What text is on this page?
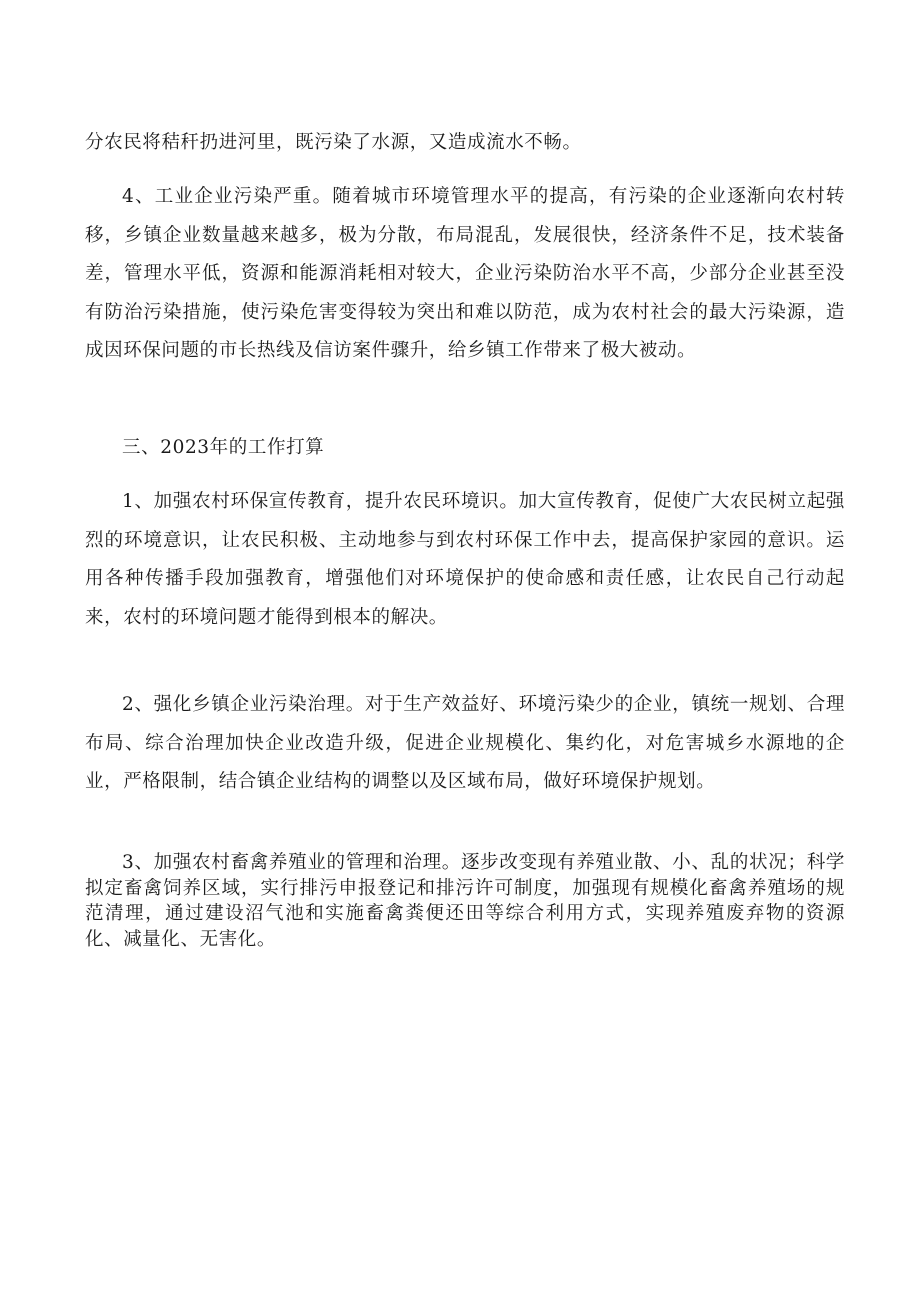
分农民将秸秆扔进河里，既污染了水源，又造成流水不畅。

4、工业企业污染严重。随着城市环境管理水平的提高，有污染的企业逐渐向农村转移，乡镇企业数量越来越多，极为分散，布局混乱，发展很快，经济条件不足，技术装备差，管理水平低，资源和能源消耗相对较大，企业污染防治水平不高，少部分企业甚至没有防治污染措施，使污染危害变得较为突出和难以防范，成为农村社会的最大污染源，造成因环保问题的市长热线及信访案件骤升，给乡镇工作带来了极大被动。

三、2023年的工作打算

1、加强农村环保宣传教育，提升农民环境识。加大宣传教育，促使广大农民树立起强烈的环境意识，让农民积极、主动地参与到农村环保工作中去，提高保护家园的意识。运用各种传播手段加强教育，增强他们对环境保护的使命感和责任感，让农民自己行动起来，农村的环境问题才能得到根本的解决。

2、强化乡镇企业污染治理。对于生产效益好、环境污染少的企业，镇统一规划、合理布局、综合治理加快企业改造升级，促进企业规模化、集约化，对危害城乡水源地的企业，严格限制，结合镇企业结构的调整以及区域布局，做好环境保护规划。

3、加强农村畜禽养殖业的管理和治理。逐步改变现有养殖业散、小、乱的状况；科学拟定畜禽饲养区域，实行排污申报登记和排污许可制度，加强现有规模化畜禽养殖场的规范清理，通过建设沼气池和实施畜禽粪便还田等综合利用方式，实现养殖废弃物的资源化、减量化、无害化。
